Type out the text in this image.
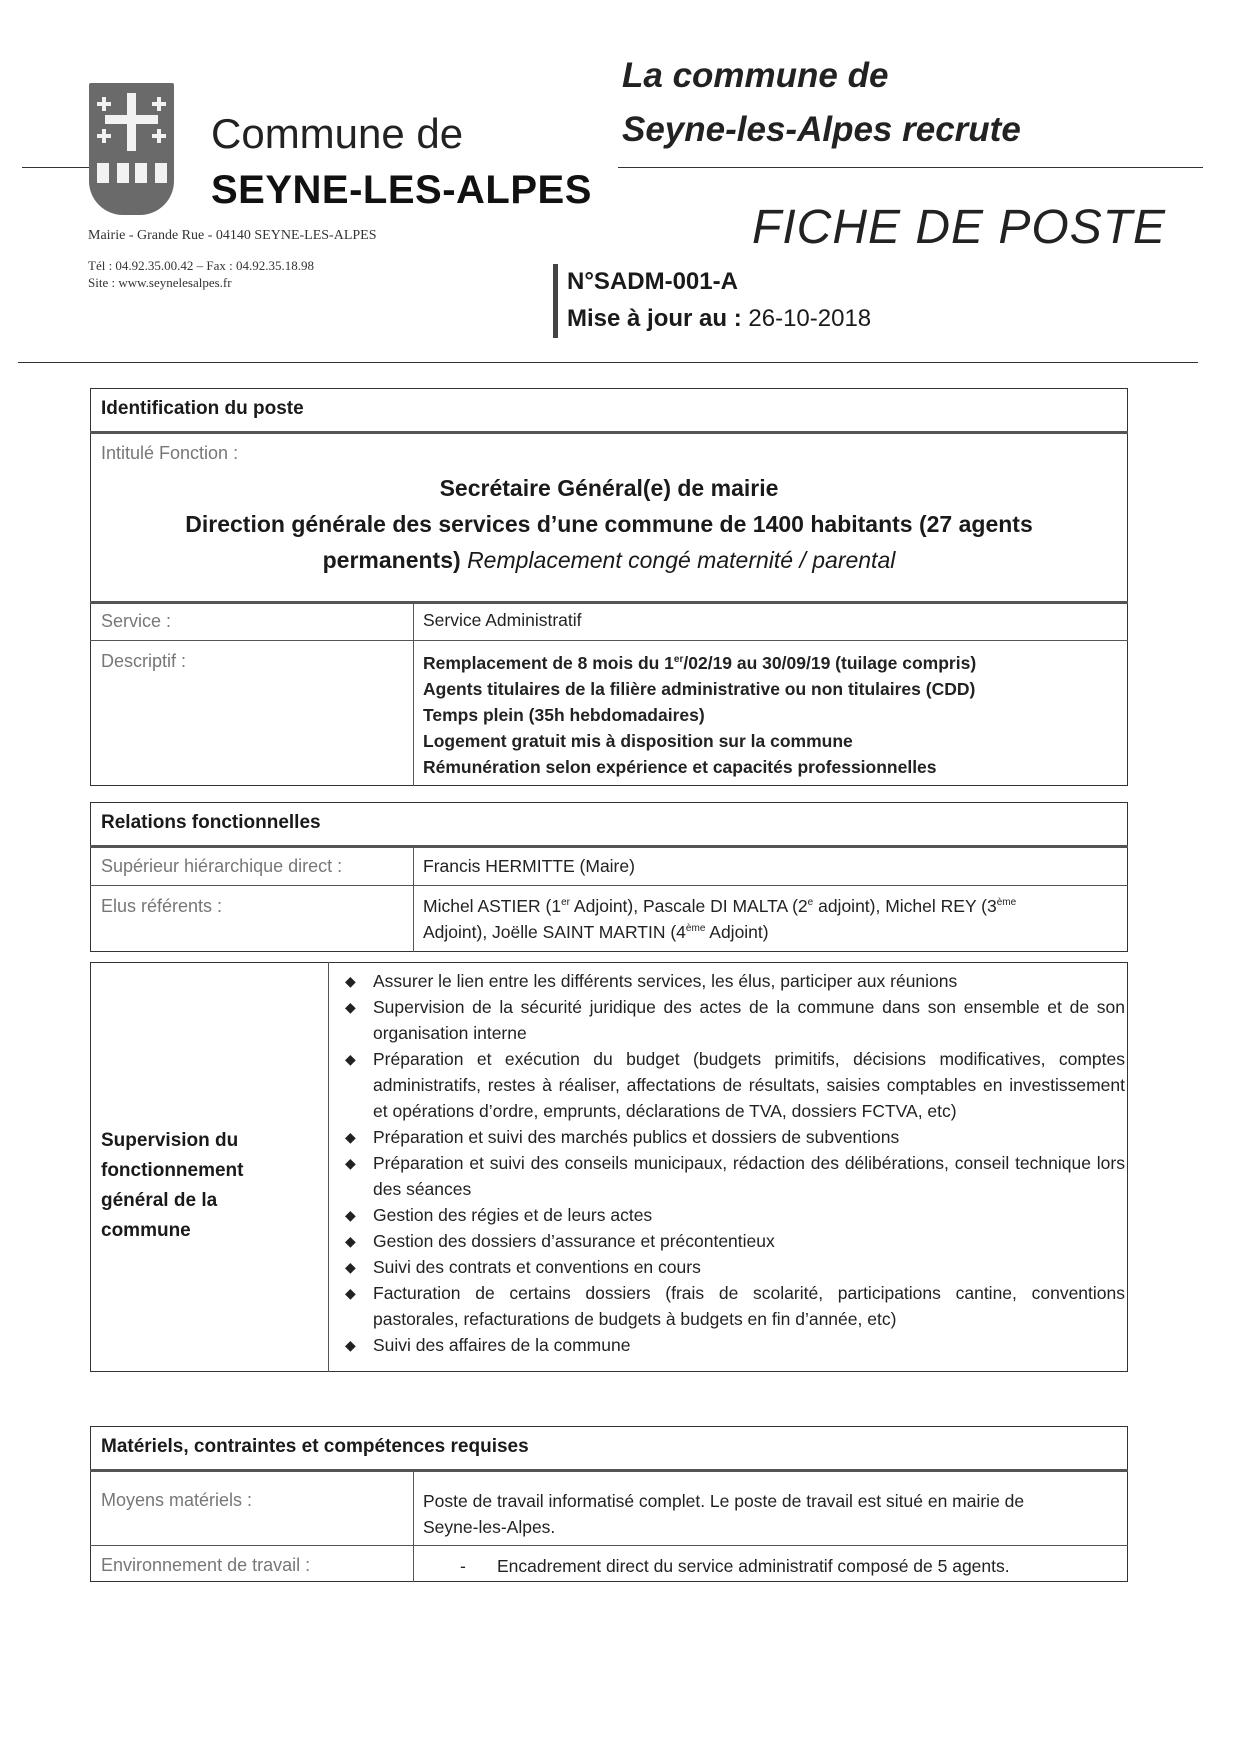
Commune de
SEYNE-LES-ALPES
Mairie - Grande Rue - 04140 SEYNE-LES-ALPES
Tél : 04.92.35.00.42 – Fax : 04.92.35.18.98
Site : www.seynelesalpes.fr
La commune de
Seyne-les-Alpes recrute
FICHE DE POSTE
N°SADM-001-A
Mise à jour au : 26-10-2018
Identification du poste
Intitulé Fonction :
Secrétaire Général(e) de mairie
Direction générale des services d’une commune de 1400 habitants (27 agents
permanents) Remplacement congé maternité / parental
Service :	Service Administratif
Descriptif :	Remplacement de 8 mois du 1er/02/19 au 30/09/19 (tuilage compris)
Agents titulaires de la filière administrative ou non titulaires (CDD)
Temps plein (35h hebdomadaires)
Logement gratuit mis à disposition sur la commune
Rémunération selon expérience et capacités professionnelles
Relations fonctionnelles
Supérieur hiérarchique direct :	Francis HERMITTE (Maire)
Elus référents :	Michel ASTIER (1er Adjoint), Pascale DI MALTA (2e adjoint), Michel REY (3ème
Adjoint), Joëlle SAINT MARTIN (4ème Adjoint)
Supervision du
fonctionnement
général de la
commune
◆ Assurer le lien entre les différents services, les élus, participer aux réunions
◆ Supervision de la sécurité juridique des actes de la commune dans son ensemble et de son organisation interne
◆ Préparation et exécution du budget (budgets primitifs, décisions modificatives, comptes administratifs, restes à réaliser, affectations de résultats, saisies comptables en investissement et opérations d’ordre, emprunts, déclarations de TVA, dossiers FCTVA, etc)
◆ Préparation et suivi des marchés publics et dossiers de subventions
◆ Préparation et suivi des conseils municipaux, rédaction des délibérations, conseil technique lors des séances
◆ Gestion des régies et de leurs actes
◆ Gestion des dossiers d’assurance et précontentieux
◆ Suivi des contrats et conventions en cours
◆ Facturation de certains dossiers (frais de scolarité, participations cantine, conventions pastorales, refacturations de budgets à budgets en fin d’année, etc)
◆ Suivi des affaires de la commune
Matériels, contraintes et compétences requises
Moyens matériels :	Poste de travail informatisé complet. Le poste de travail est situé en mairie de
Seyne-les-Alpes.
Environnement de travail :	- Encadrement direct du service administratif composé de 5 agents.
